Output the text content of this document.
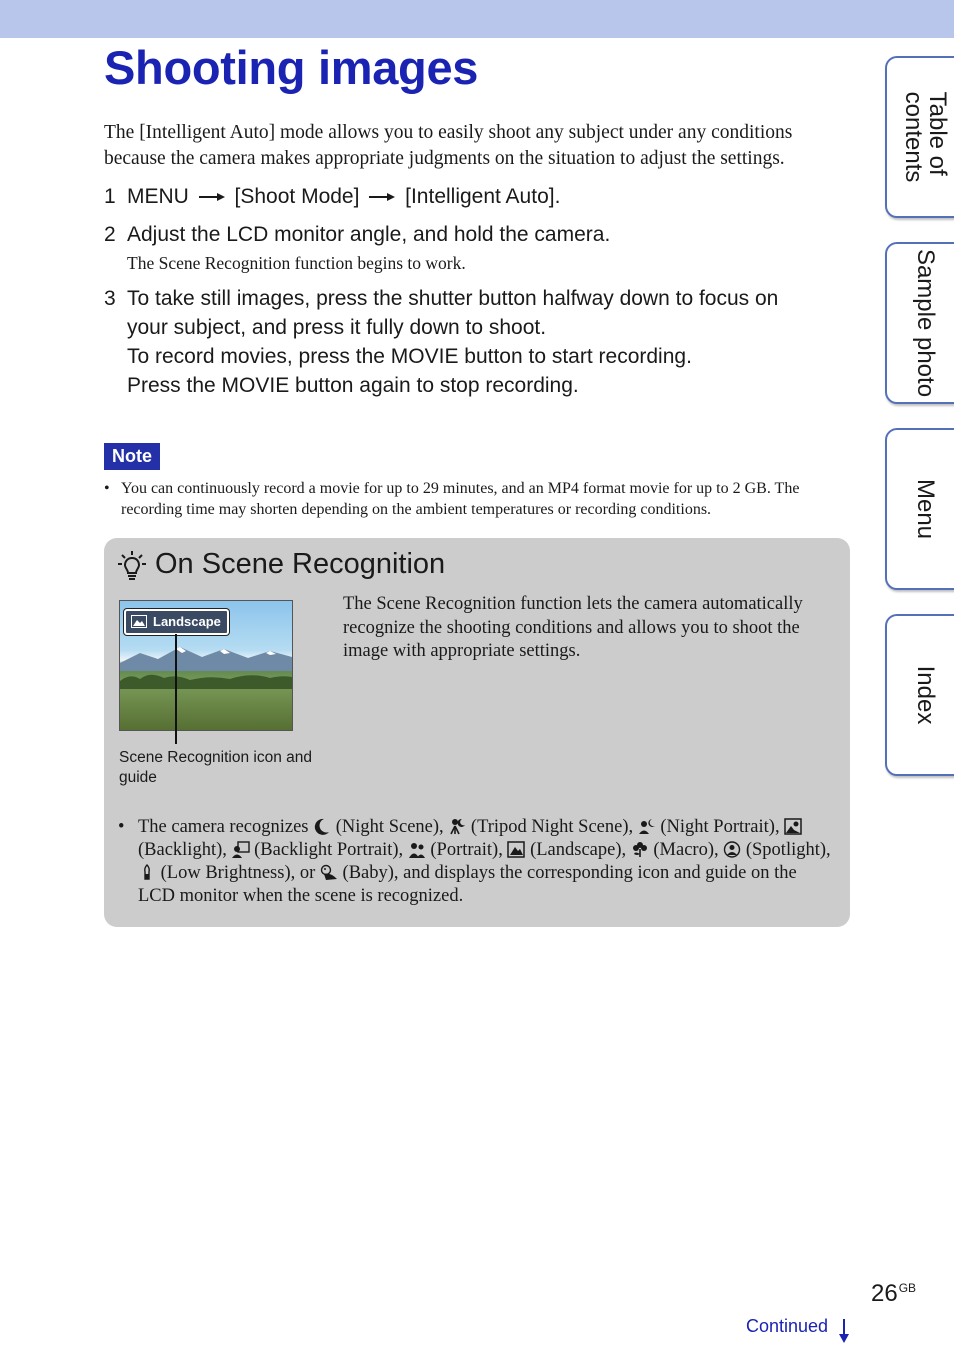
Shooting images

The [Intelligent Auto] mode allows you to easily shoot any subject under any conditions because the camera makes appropriate judgments on the situation to adjust the settings.

1 MENU [Shoot Mode] [Intelligent Auto].
2 Adjust the LCD monitor angle, and hold the camera.
The Scene Recognition function begins to work.
3 To take still images, press the shutter button halfway down to focus on
your subject, and press it fully down to shoot.
To record movies, press the MOVIE button to start recording.
Press the MOVIE button again to stop recording.
Note
• You can continuously record a movie for up to 29 minutes, and an MP4 format movie for up to 2 GB. The recording time may shorten depending on the ambient temperatures or recording conditions.
On Scene Recognition
Landscape
Scene Recognition icon and guide
The Scene Recognition function lets the camera automatically recognize the shooting conditions and allows you to shoot the image with appropriate settings.
• The camera recognizes  (Night Scene),  (Tripod Night Scene),  (Night Portrait),  (Backlight),  (Backlight Portrait),  (Portrait),  (Landscape),  (Macro),  (Spotlight),  (Low Brightness), or  (Baby), and displays the corresponding icon and guide on the LCD monitor when the scene is recognized.
Table of
contents
Sample photo
Menu
Index
$26^{GB}$
Continued
